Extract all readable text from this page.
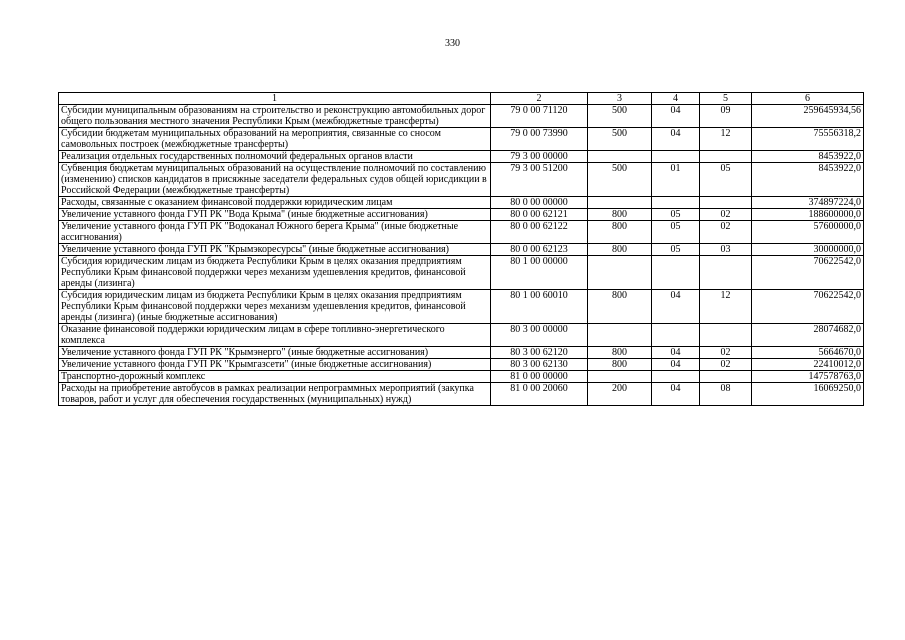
330
1	2	3	4	5	6
Субсидии муниципальным образованиям на строительство и реконструкцию автомобильных дорог общего пользования местного значения Республики Крым (межбюджетные трансферты)	79 0 00 71120	500	04	09	259645934,56
Субсидии бюджетам муниципальных образований на мероприятия, связанные со сносом самовольных построек (межбюджетные трансферты)	79 0 00 73990	500	04	12	75556318,2
Реализация отдельных государственных полномочий федеральных органов власти	79 3 00 00000				8453922,0
Субвенция бюджетам муниципальных образований на осуществление полномочий по составлению (изменению) списков кандидатов в присяжные заседатели федеральных судов общей юрисдикции в Российской Федерации (межбюджетные трансферты)	79 3 00 51200	500	01	05	8453922,0
Расходы, связанные с оказанием финансовой поддержки юридическим лицам	80 0 00 00000				374897224,0
Увеличение уставного фонда ГУП РК "Вода Крыма" (иные бюджетные ассигнования)	80 0 00 62121	800	05	02	188600000,0
Увеличение уставного фонда ГУП РК "Водоканал Южного берега Крыма" (иные бюджетные ассигнования)	80 0 00 62122	800	05	02	57600000,0
Увеличение уставного фонда ГУП РК "Крымэкоресурсы" (иные бюджетные ассигнования)	80 0 00 62123	800	05	03	30000000,0
Субсидия юридическим лицам из бюджета Республики Крым в целях оказания предприятиям Республики Крым финансовой поддержки через механизм удешевления кредитов, финансовой аренды (лизинга)	80 1 00 00000				70622542,0
Субсидия юридическим лицам из бюджета Республики Крым в целях оказания предприятиям Республики Крым финансовой поддержки через механизм удешевления кредитов, финансовой аренды (лизинга) (иные бюджетные ассигнования)	80 1 00 60010	800	04	12	70622542,0
Оказание финансовой поддержки юридическим лицам в сфере топливно-энергетического комплекса	80 3 00 00000				28074682,0
Увеличение уставного фонда ГУП РК "Крымэнерго" (иные бюджетные ассигнования)	80 3 00 62120	800	04	02	5664670,0
Увеличение уставного фонда ГУП РК "Крымгазсети" (иные бюджетные ассигнования)	80 3 00 62130	800	04	02	22410012,0
Транспортно-дорожный комплекс	81 0 00 00000				147578763,0
Расходы на приобретение автобусов в рамках реализации непрограммных мероприятий (закупка товаров, работ и услуг для обеспечения государственных (муниципальных) нужд)	81 0 00 20060	200	04	08	16069250,0
